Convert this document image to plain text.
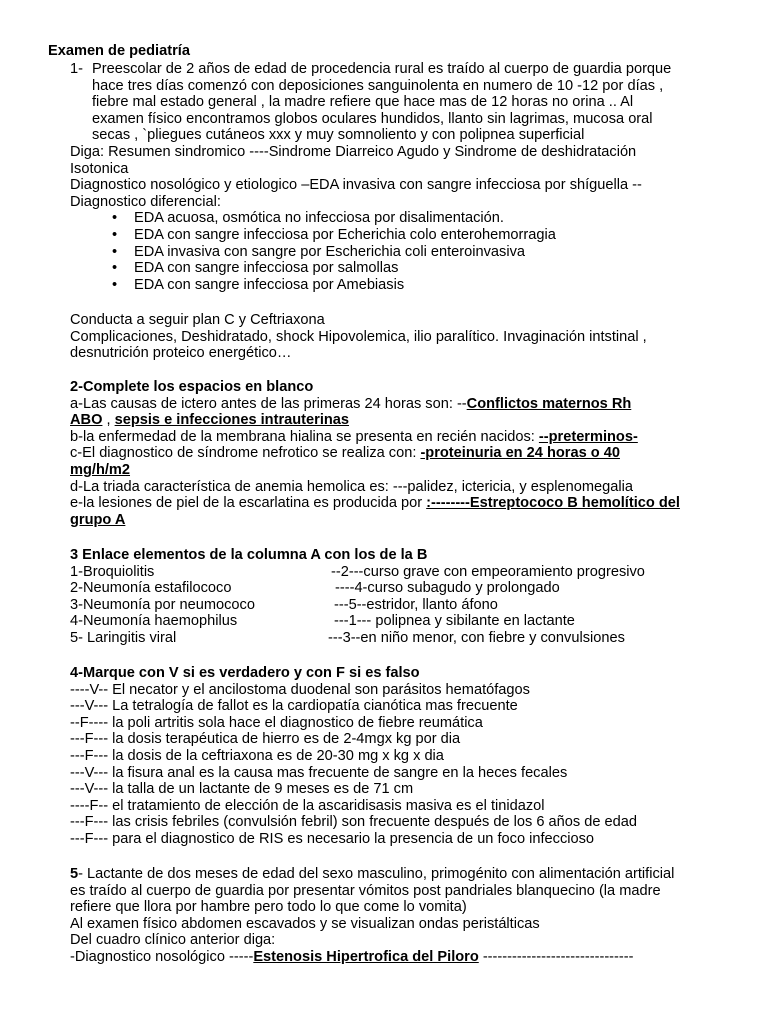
Examen de pediatría
1- Preescolar de 2 años de edad de procedencia rural es traído al cuerpo de guardia porque
hace tres días comenzó con deposiciones sanguinolenta en numero de 10 -12 por días ,
fiebre mal estado general , la madre refiere que hace mas de 12 horas no orina .. Al
examen físico encontramos globos oculares hundidos, llanto sin lagrimas, mucosa oral
secas , `pliegues cutáneos xxx y muy somnoliento y con polipnea superficial
Diga: Resumen sindromico ----Sindrome Diarreico Agudo y Sindrome de deshidratación
Isotonica
Diagnostico nosológico y etiologico –EDA invasiva con sangre infecciosa por shíguella --
Diagnostico diferencial:
• EDA acuosa, osmótica no infecciosa por disalimentación.
• EDA con sangre infecciosa por Echerichia colo enterohemorragia
• EDA invasiva con sangre por Escherichia coli enteroinvasiva
• EDA con sangre infecciosa por salmollas
• EDA con sangre infecciosa por Amebiasis
Conducta a seguir plan C y Ceftriaxona
Complicaciones, Deshidratado, shock Hipovolemica, ilio paralítico. Invaginación intstinal ,
desnutrición proteico energético…
2-Complete los espacios en blanco
a-Las causas de ictero antes de las primeras 24 horas son: --Conflictos maternos Rh
ABO , sepsis e infecciones intrauterinas
b-la enfermedad de la membrana hialina se presenta en recién nacidos: --preterminos-
c-El diagnostico de síndrome nefrotico se realiza con: -proteinuria en 24 horas o 40
mg/h/m2
d-La triada característica de anemia hemolica es: ---palidez, ictericia, y esplenomegalia
e-la lesiones de piel de la escarlatina es producida por :--------Estreptococo B hemolítico del
grupo A
3 Enlace elementos de la columna A con los de la B
1-Broquiolitis	--2---curso grave con empeoramiento progresivo
2-Neumonía estafilococo	----4-curso subagudo y prolongado
3-Neumonía por neumococo	---5--estridor, llanto áfono
4-Neumonía haemophilus	---1--- polipnea y sibilante en lactante
5- Laringitis viral	---3--en niño menor, con fiebre y convulsiones
4-Marque con V si es verdadero y con F si es falso
----V-- El necator y el ancilostoma duodenal son parásitos hematófagos
---V--- La tetralogía de fallot es la cardiopatía cianótica mas frecuente
--F---- la poli artritis sola hace el diagnostico de fiebre reumática
---F--- la dosis terapéutica de hierro es de 2-4mgx kg por dia
---F--- la dosis de la ceftriaxona es de 20-30 mg x kg x dia
---V--- la fisura anal es la causa mas frecuente de sangre en la heces fecales
---V--- la talla de un lactante de 9 meses es de 71 cm
----F-- el tratamiento de elección de la ascaridisasis masiva es el tinidazol
---F--- las crisis febriles (convulsión febril) son frecuente después de los 6 años de edad
---F--- para el diagnostico de RIS es necesario la presencia de un foco infeccioso
5- Lactante de dos meses de edad del sexo masculino, primogénito con alimentación artificial
es traído al cuerpo de guardia por presentar vómitos post pandriales blanquecino (la madre
refiere que llora por hambre pero todo lo que come lo vomita)
Al examen físico abdomen escavados y se visualizan ondas peristálticas
Del cuadro clínico anterior diga:
-Diagnostico nosológico -----Estenosis Hipertrofica del Piloro -------------------------------
